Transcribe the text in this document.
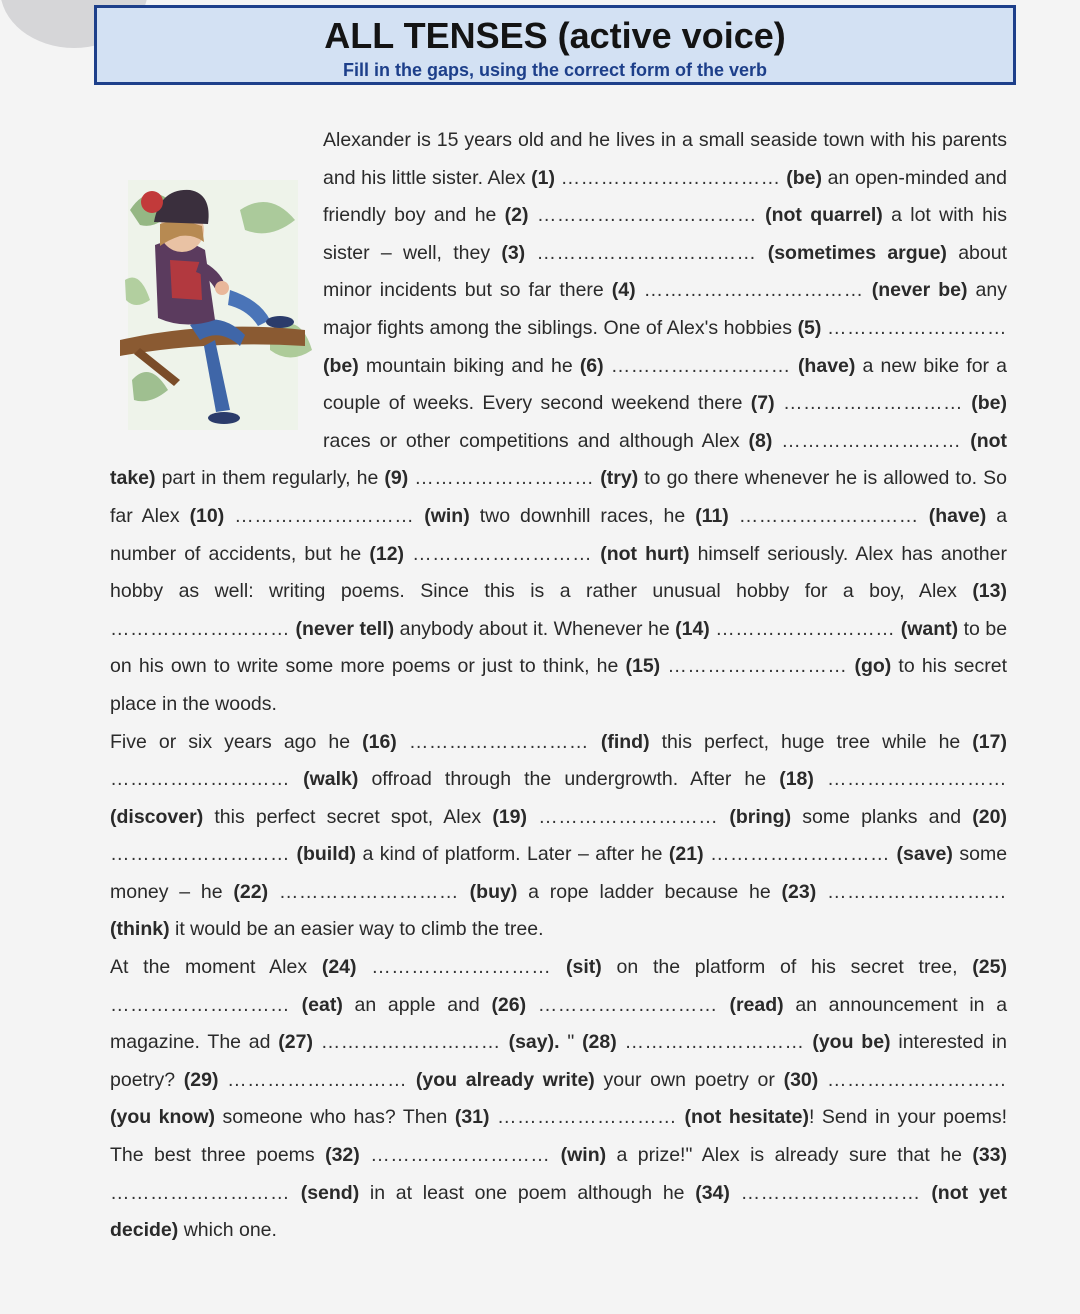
ALL TENSES (active voice)
Fill in the gaps, using the correct form of the verb

Alexander is 15 years old and he lives in a small seaside town with his parents and his little sister. Alex (1) …………………………… (be) an open-minded and friendly boy and he (2) …………………………… (not quarrel) a lot with his sister – well, they (3) …………………………… (sometimes argue) about minor incidents but so far there (4) …………………………… (never be) any major fights among the siblings. One of Alex's hobbies (5) ……………………… (be) mountain biking and he (6) ……………………… (have) a new bike for a couple of weeks. Every second weekend there (7) ……………………… (be) races or other competitions and although Alex (8) ……………………… (not take) part in them regularly, he (9) ……………………… (try) to go there whenever he is allowed to. So far Alex (10) ……………………… (win) two downhill races, he (11) ……………………… (have) a number of accidents, but he (12) ……………………… (not hurt) himself seriously. Alex has another hobby as well: writing poems. Since this is a rather unusual hobby for a boy, Alex (13) ……………………… (never tell) anybody about it. Whenever he (14) ……………………… (want) to be on his own to write some more poems or just to think, he (15) ……………………… (go) to his secret place in the woods.

Five or six years ago he (16) ……………………… (find) this perfect, huge tree while he (17) ……………………… (walk) offroad through the undergrowth. After he (18) ……………………… (discover) this perfect secret spot, Alex (19) ……………………… (bring) some planks and (20) ……………………… (build) a kind of platform. Later – after he (21) ……………………… (save) some money – he (22) ……………………… (buy) a rope ladder because he (23) ……………………… (think) it would be an easier way to climb the tree.

At the moment Alex (24) ……………………… (sit) on the platform of his secret tree, (25) ……………………… (eat) an apple and (26) ……………………… (read) an announcement in a magazine. The ad (27) ……………………… (say). " (28) ……………………… (you be) interested in poetry? (29) ……………………… (you already write) your own poetry or (30) ……………………… (you know) someone who has? Then (31) ……………………… (not hesitate)! Send in your poems! The best three poems (32) ……………………… (win) a prize!" Alex is already sure that he (33) ……………………… (send) in at least one poem although he (34) ……………………… (not yet decide) which one.
